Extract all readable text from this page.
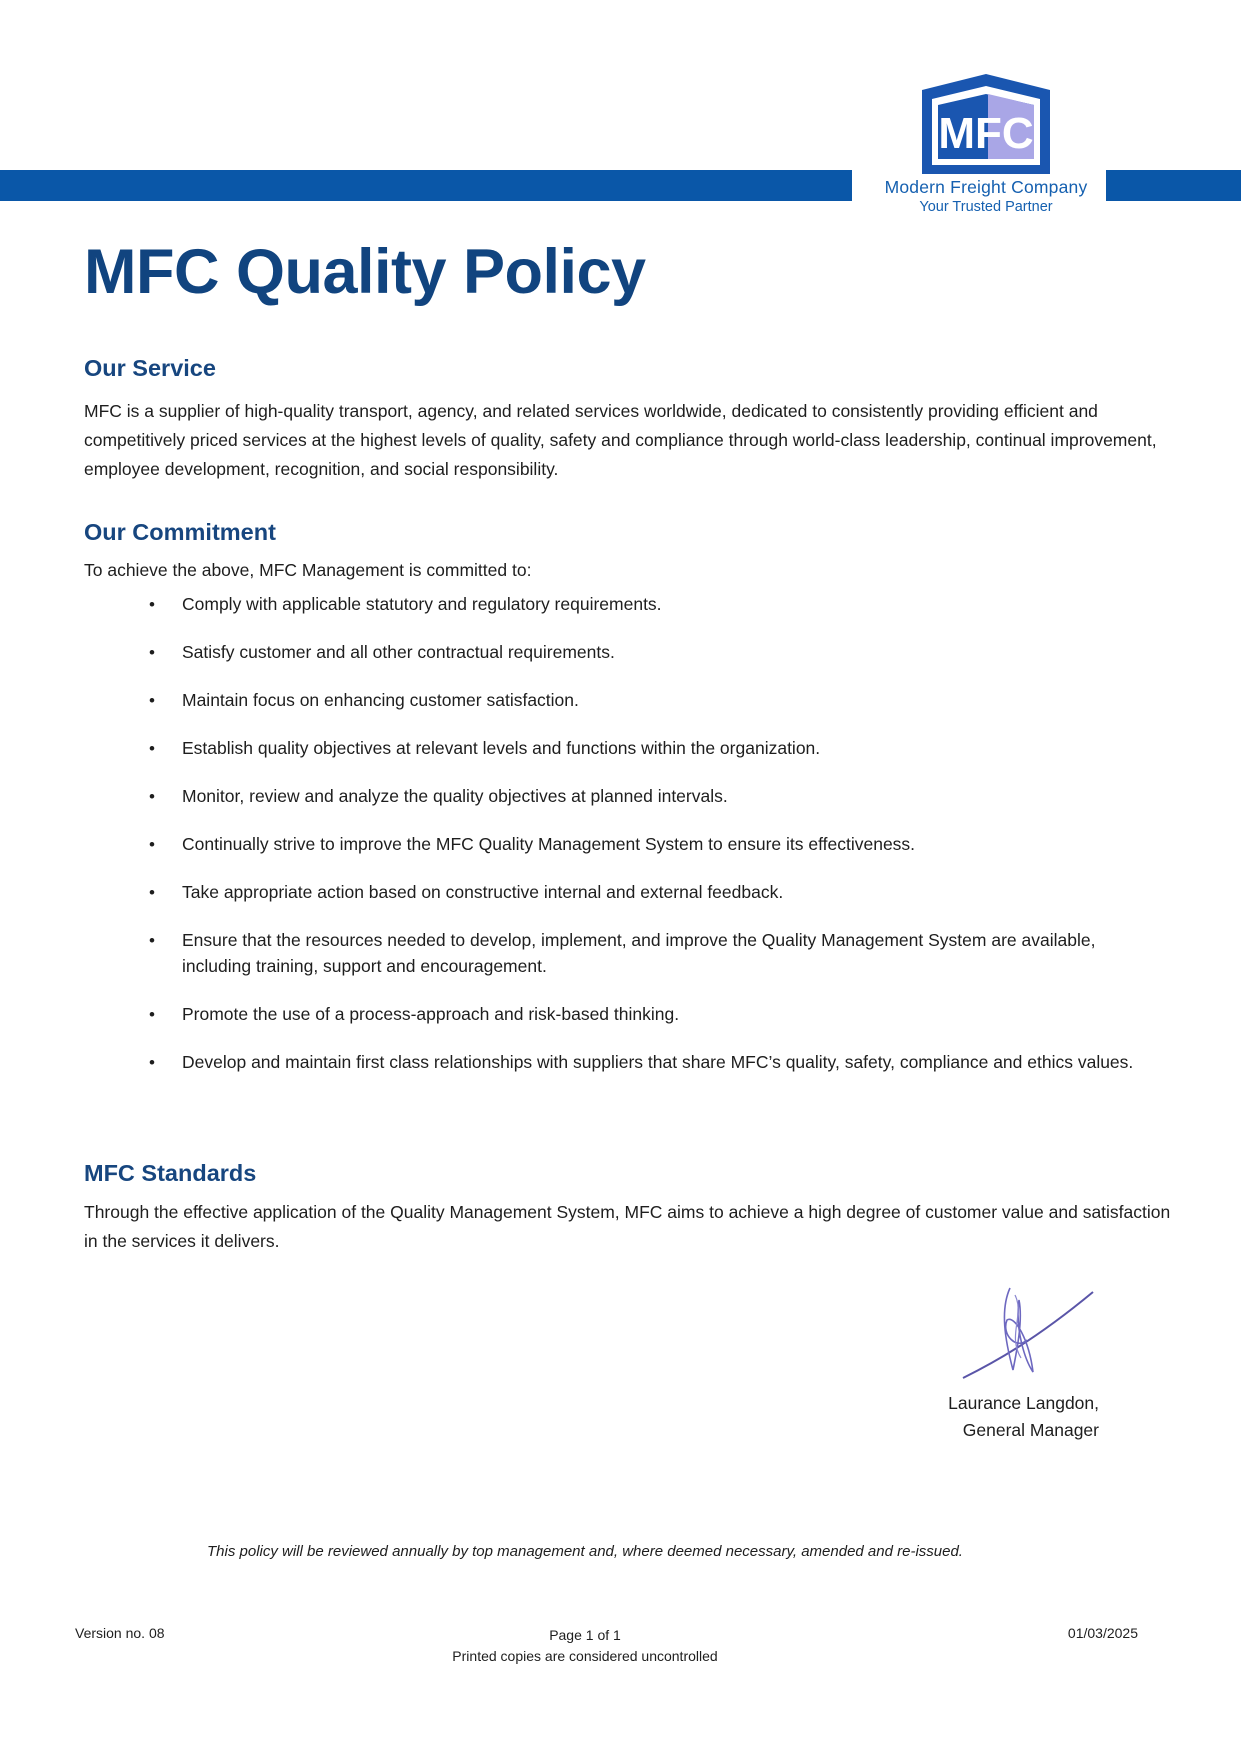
MFC
Modern Freight Company
Your Trusted Partner
MFC Quality Policy
Our Service

MFC is a supplier of high-quality transport, agency, and related services worldwide, dedicated to consistently providing efficient and competitively priced services at the highest levels of quality, safety and compliance through world-class leadership, continual improvement, employee development, recognition, and social responsibility.

Our Commitment

To achieve the above, MFC Management is committed to:

• Comply with applicable statutory and regulatory requirements.
• Satisfy customer and all other contractual requirements.
• Maintain focus on enhancing customer satisfaction.
• Establish quality objectives at relevant levels and functions within the organization.
• Monitor, review and analyze the quality objectives at planned intervals.
• Continually strive to improve the MFC Quality Management System to ensure its effectiveness.
• Take appropriate action based on constructive internal and external feedback.
• Ensure that the resources needed to develop, implement, and improve the Quality Management System are available, including training, support and encouragement.
• Promote the use of a process-approach and risk-based thinking.
• Develop and maintain first class relationships with suppliers that share MFC’s quality, safety, compliance and ethics values.
MFC Standards

Through the effective application of the Quality Management System, MFC aims to achieve a high degree of customer value and satisfaction in the services it delivers.

Laurance Langdon,
General Manager

This policy will be reviewed annually by top management and, where deemed necessary, amended and re-issued.

Version no. 08	Page 1 of 1
Printed copies are considered uncontrolled
01/03/2025
